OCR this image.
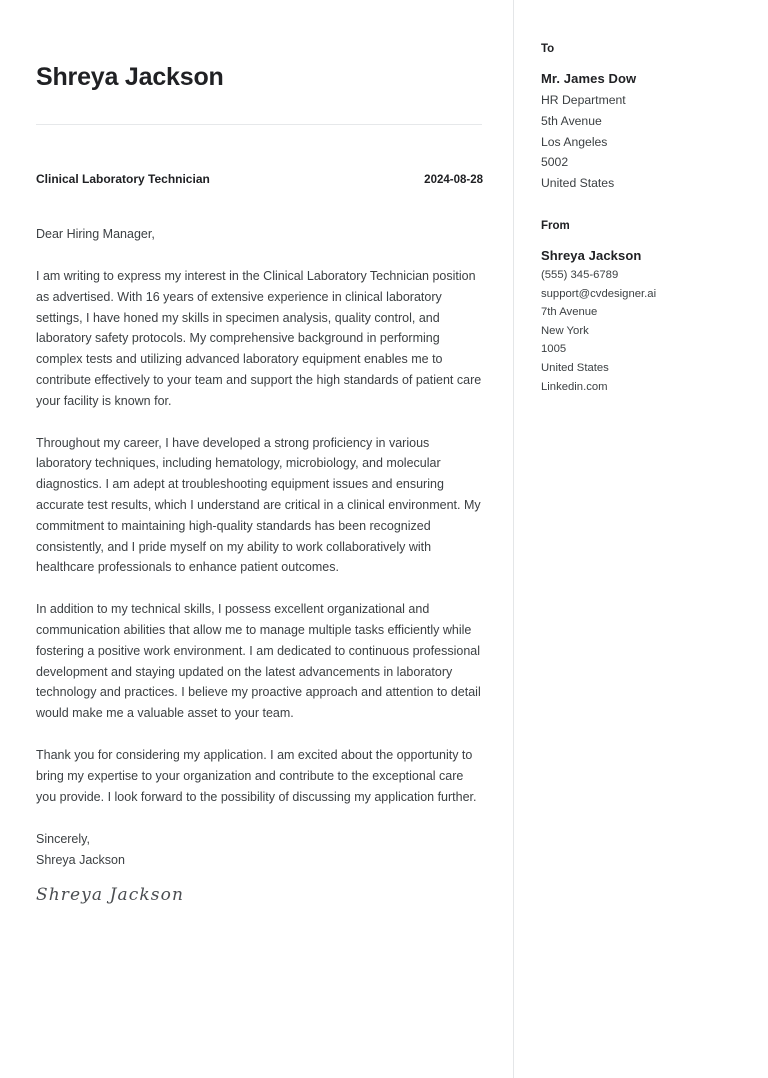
Shreya Jackson
Clinical Laboratory Technician	2024-08-28
Dear Hiring Manager,

I am writing to express my interest in the Clinical Laboratory Technician position as advertised. With 16 years of extensive experience in clinical laboratory settings, I have honed my skills in specimen analysis, quality control, and laboratory safety protocols. My comprehensive background in performing complex tests and utilizing advanced laboratory equipment enables me to contribute effectively to your team and support the high standards of patient care your facility is known for.

Throughout my career, I have developed a strong proficiency in various laboratory techniques, including hematology, microbiology, and molecular diagnostics. I am adept at troubleshooting equipment issues and ensuring accurate test results, which I understand are critical in a clinical environment. My commitment to maintaining high-quality standards has been recognized consistently, and I pride myself on my ability to work collaboratively with healthcare professionals to enhance patient outcomes.

In addition to my technical skills, I possess excellent organizational and communication abilities that allow me to manage multiple tasks efficiently while fostering a positive work environment. I am dedicated to continuous professional development and staying updated on the latest advancements in laboratory technology and practices. I believe my proactive approach and attention to detail would make me a valuable asset to your team.

Thank you for considering my application. I am excited about the opportunity to bring my expertise to your organization and contribute to the exceptional care you provide. I look forward to the possibility of discussing my application further.

Sincerely,
Shreya Jackson
Shreya Jackson
To
Mr. James Dow
HR Department
5th Avenue
Los Angeles
5002
United States
From
Shreya Jackson
(555) 345-6789
support@cvdesigner.ai
7th Avenue
New York
1005
United States
Linkedin.com
